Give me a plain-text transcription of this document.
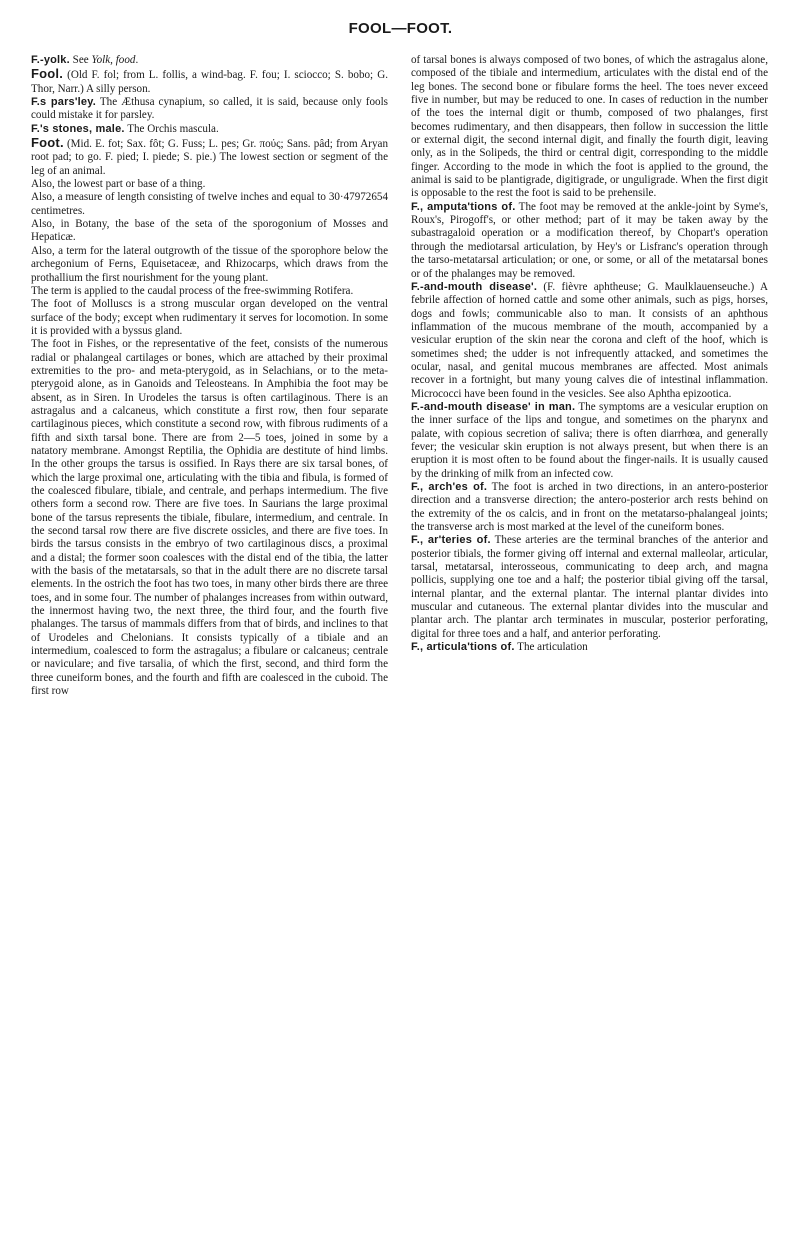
FOOL—FOOT.

F.-yolk. See Yolk, food.

Fool. (Old F. fol; from L. follis, a wind-bag. F. fou; I. sciocco; S. bobo; G. Thor, Narr.) A silly person.

F.s pars'ley. The Æthusa cynapium, so called, it is said, because only fools could mistake it for parsley.

F.'s stones, male. The Orchis mascula.

Foot. (Mid. E. fot; Sax. fôt; G. Fuss; L. pes; Gr. πούς; Sans. pâd; from Aryan root pad; to go. F. pied; I. piede; S. pie.) The lowest section or segment of the leg of an animal.

Also, the lowest part or base of a thing.

Also, a measure of length consisting of twelve inches and equal to 30·47972654 centimetres.

Also, in Botany, the base of the seta of the sporogonium of Mosses and Hepaticæ.

Also, a term for the lateral outgrowth of the tissue of the sporophore below the archegonium of Ferns, Equisetaceæ, and Rhizocarps, which draws from the prothallium the first nourishment for the young plant.

The term is applied to the caudal process of the free-swimming Rotifera.

The foot of Molluscs is a strong muscular organ developed on the ventral surface of the body; except when rudimentary it serves for locomotion. In some it is provided with a byssus gland.

The foot in Fishes, or the representative of the feet, consists of the numerous radial or phalangeal cartilages or bones, which are attached by their proximal extremities to the pro- and meta-pterygoid, as in Selachians, or to the meta-pterygoid alone, as in Ganoids and Teleosteans. In Amphibia the foot may be absent, as in Siren. In Urodeles the tarsus is often cartilaginous. There is an astragalus and a calcaneus, which constitute a first row, then four separate cartilaginous pieces, which constitute a second row, with fibrous rudiments of a fifth and sixth tarsal bone. There are from 2—5 toes, joined in some by a natatory membrane. Amongst Reptilia, the Ophidia are destitute of hind limbs. In the other groups the tarsus is ossified. In Rays there are six tarsal bones, of which the large proximal one, articulating with the tibia and fibula, is formed of the coalesced fibulare, tibiale, and centrale, and perhaps intermedium. The five others form a second row. There are five toes. In Saurians the large proximal bone of the tarsus represents the tibiale, fibulare, intermedium, and centrale. In the second tarsal row there are five discrete ossicles, and there are five toes. In birds the tarsus consists in the embryo of two cartilaginous discs, a proximal and a distal; the former soon coalesces with the distal end of the tibia, the latter with the basis of the metatarsals, so that in the adult there are no discrete tarsal elements. In the ostrich the foot has two toes, in many other birds there are three toes, and in some four. The number of phalanges increases from within outward, the innermost having two, the next three, the third four, and the fourth five phalanges. The tarsus of mammals differs from that of birds, and inclines to that of Urodeles and Chelonians. It consists typically of a tibiale and an intermedium, coalesced to form the astragalus; a fibulare or calcaneus; centrale or naviculare; and five tarsalia, of which the first, second, and third form the three cuneiform bones, and the fourth and fifth are coalesced in the cuboid. The first row

of tarsal bones is always composed of two bones, of which the astragalus alone, composed of the tibiale and intermedium, articulates with the distal end of the leg bones. The second bone or fibulare forms the heel. The toes never exceed five in number, but may be reduced to one. In cases of reduction in the number of the toes the internal digit or thumb, composed of two phalanges, first becomes rudimentary, and then disappears, then follow in succession the little or external digit, the second internal digit, and finally the fourth digit, leaving only, as in the Solipeds, the third or central digit, corresponding to the middle finger. According to the mode in which the foot is applied to the ground, the animal is said to be plantigrade, digitigrade, or unguligrade. When the first digit is opposable to the rest the foot is said to be prehensile.

F., amputa'tions of. The foot may be removed at the ankle-joint by Syme's, Roux's, Pirogoff's, or other method; part of it may be taken away by the subastragaloid operation or a modification thereof, by Chopart's operation through the mediotarsal articulation, by Hey's or Lisfranc's operation through the tarso-metatarsal articulation; or one, or some, or all of the metatarsal bones or of the phalanges may be removed.

F.-and-mouth disease'. (F. fièvre aphtheuse; G. Maulklauenseuche.) A febrile affection of horned cattle and some other animals, such as pigs, horses, dogs and fowls; communicable also to man. It consists of an aphthous inflammation of the mucous membrane of the mouth, accompanied by a vesicular eruption of the skin near the corona and cleft of the hoof, which is sometimes shed; the udder is not infrequently attacked, and sometimes the ocular, nasal, and genital mucous membranes are affected. Most animals recover in a fortnight, but many young calves die of intestinal inflammation. Micrococci have been found in the vesicles. See also Aphtha epizootica.

F.-and-mouth disease' in man. The symptoms are a vesicular eruption on the inner surface of the lips and tongue, and sometimes on the pharynx and palate, with copious secretion of saliva; there is often diarrhœa, and generally fever; the vesicular skin eruption is not always present, but when there is an eruption it is most often to be found about the finger-nails. It is usually caused by the drinking of milk from an infected cow.

F., arch'es of. The foot is arched in two directions, in an antero-posterior direction and a transverse direction; the antero-posterior arch rests behind on the extremity of the os calcis, and in front on the metatarso-phalangeal joints; the transverse arch is most marked at the level of the cuneiform bones.

F., ar'teries of. These arteries are the terminal branches of the anterior and posterior tibials, the former giving off internal and external malleolar, articular, tarsal, metatarsal, interosseous, communicating to deep arch, and magna pollicis, supplying one toe and a half; the posterior tibial giving off the tarsal, internal plantar, and the external plantar. The internal plantar divides into muscular and cutaneous. The external plantar divides into the muscular and plantar arch. The plantar arch terminates in muscular, posterior perforating, digital for three toes and a half, and anterior perforating.

F., articula'tions of. The articulation
